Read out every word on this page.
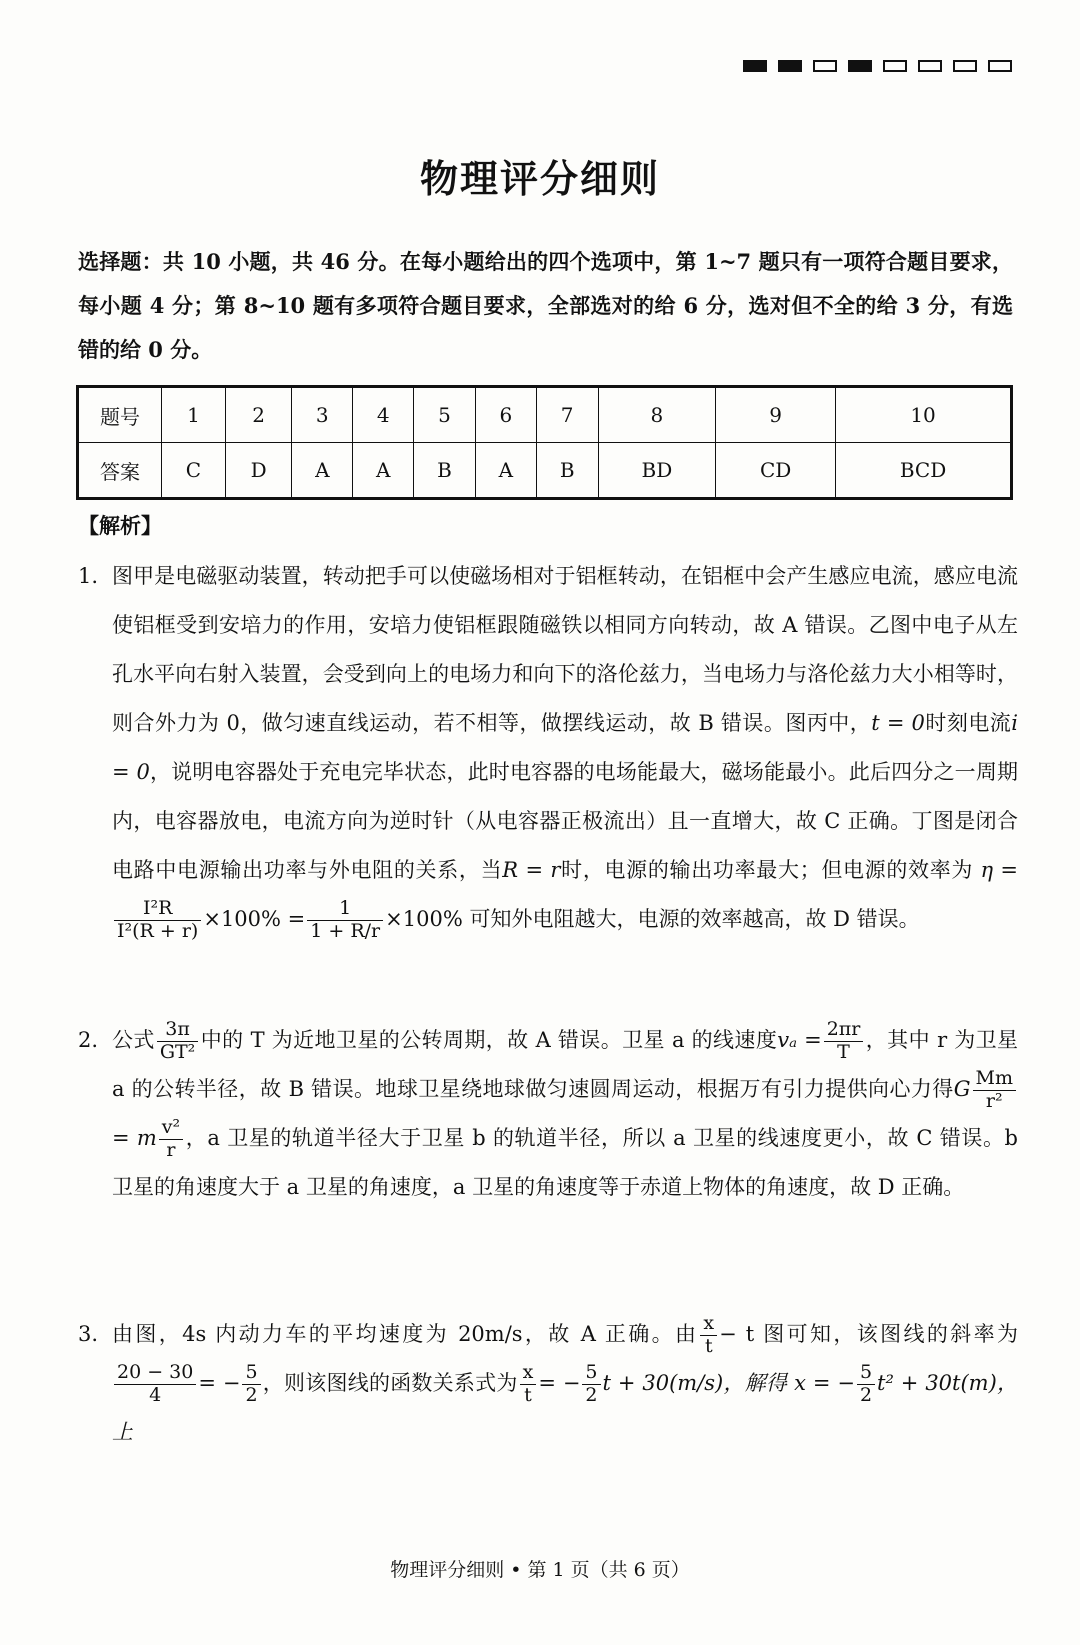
物理评分细则
选择题：共 10 小题，共 46 分。在每小题给出的四个选项中，第 1~7 题只有一项符合题目要求，每小题 4 分；第 8~10 题有多项符合题目要求，全部选对的给 6 分，选对但不全的给 3 分，有选错的给 0 分。
题号	1	2	3	4	5	6	7	8	9	10
答案	C	D	A	A	B	A	B	BD	CD	BCD
【解析】
1. 图甲是电磁驱动装置，转动把手可以使磁场相对于铝框转动，在铝框中会产生感应电流，感应电流使铝框受到安培力的作用，安培力使铝框跟随磁铁以相同方向转动，故 A 错误。乙图中电子从左孔水平向右射入装置，会受到向上的电场力和向下的洛伦兹力，当电场力与洛伦兹力大小相等时，则合外力为 0，做匀速直线运动，若不相等，做摆线运动，故 B 错误。图丙中，t = 0时刻电流i = 0，说明电容器处于充电完毕状态，此时电容器的电场能最大，磁场能最小。此后四分之一周期内，电容器放电，电流方向为逆时针（从电容器正极流出）且一直增大，故 C 正确。丁图是闭合电路中电源输出功率与外电阻的关系，当R = r时，电源的输出功率最大；但电源的效率为 η =
$\frac{\text{I²R}}{\text{I²(R + r)}} \times 100\% = \frac{1}{1 + R/r} \times 100\%$ 可知外电阻越大，电源的效率越高，故 D 错误。
2. 公式 $\frac{3\pi}{\text{GT²}}$ 中的 T 为近地卫星的公转周期，故 A 错误。卫星 a 的线速度$v_a = \frac{2\pi r}{T}$ ，其中 r 为卫星 a 的公转半径，故 B 错误。地球卫星绕地球做匀速圆周运动，根据万有引力提供向心力得G $\frac{Mm}{\text{r²}}$
= m $\frac{\text{v²}}{r}$ ，a 卫星的轨道半径大于卫星 b 的轨道半径，所以 a 卫星的线速度更小，故 C 错误。b 卫星的角速度大于 a 卫星的角速度，a 卫星的角速度等于赤道上物体的角速度，故 D 正确。
3. 由图，4s 内动力车的平均速度为 20m/s，故 A 正确。由 $\frac{x}{t} - t$ 图可知，该图线的斜率为
$\frac{20 - 30}{4}$ = − $\frac{5}{2}$ ，则该图线的函数关系式为 $\frac{x}{t}$ = − $\frac{5}{2}$ t + 30(m/s)，解得 x = − $\frac{5}{2} t^2 + 30t(m)$，上
物理评分细则 • 第 1 页（共 6 页）
